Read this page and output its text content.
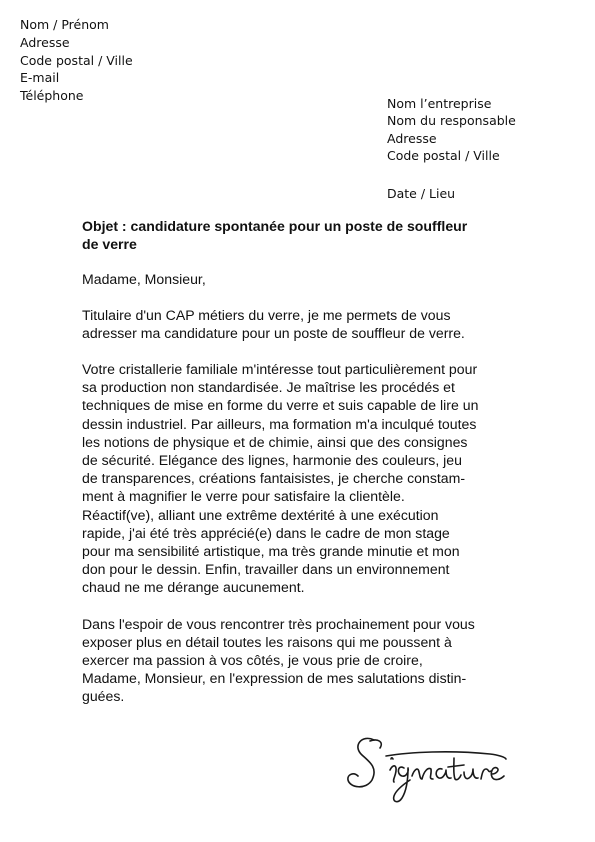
Nom / Prénom
Adresse
Code postal / Ville
E-mail
Téléphone
Nom l’entreprise
Nom du responsable
Adresse
Code postal / Ville
Date / Lieu
Objet : candidature spontanée pour un poste de souffleur
de verre
Madame, Monsieur,
Titulaire d'un CAP métiers du verre, je me permets de vous
adresser ma candidature pour un poste de souffleur de verre.
Votre cristallerie familiale m'intéresse tout particulièrement pour
sa production non standardisée. Je maîtrise les procédés et
techniques de mise en forme du verre et suis capable de lire un
dessin industriel. Par ailleurs, ma formation m'a inculqué toutes
les notions de physique et de chimie, ainsi que des consignes
de sécurité. Elégance des lignes, harmonie des couleurs, jeu
de transparences, créations fantaisistes, je cherche constam-
ment à magnifier le verre pour satisfaire la clientèle.
Réactif(ve), alliant une extrême dextérité à une exécution
rapide, j'ai été très apprécié(e) dans le cadre de mon stage
pour ma sensibilité artistique, ma très grande minutie et mon
don pour le dessin. Enfin, travailler dans un environnement
chaud ne me dérange aucunement.
Dans l'espoir de vous rencontrer très prochainement pour vous
exposer plus en détail toutes les raisons qui me poussent à
exercer ma passion à vos côtés, je vous prie de croire,
Madame, Monsieur, en l'expression de mes salutations distin-
guées.
